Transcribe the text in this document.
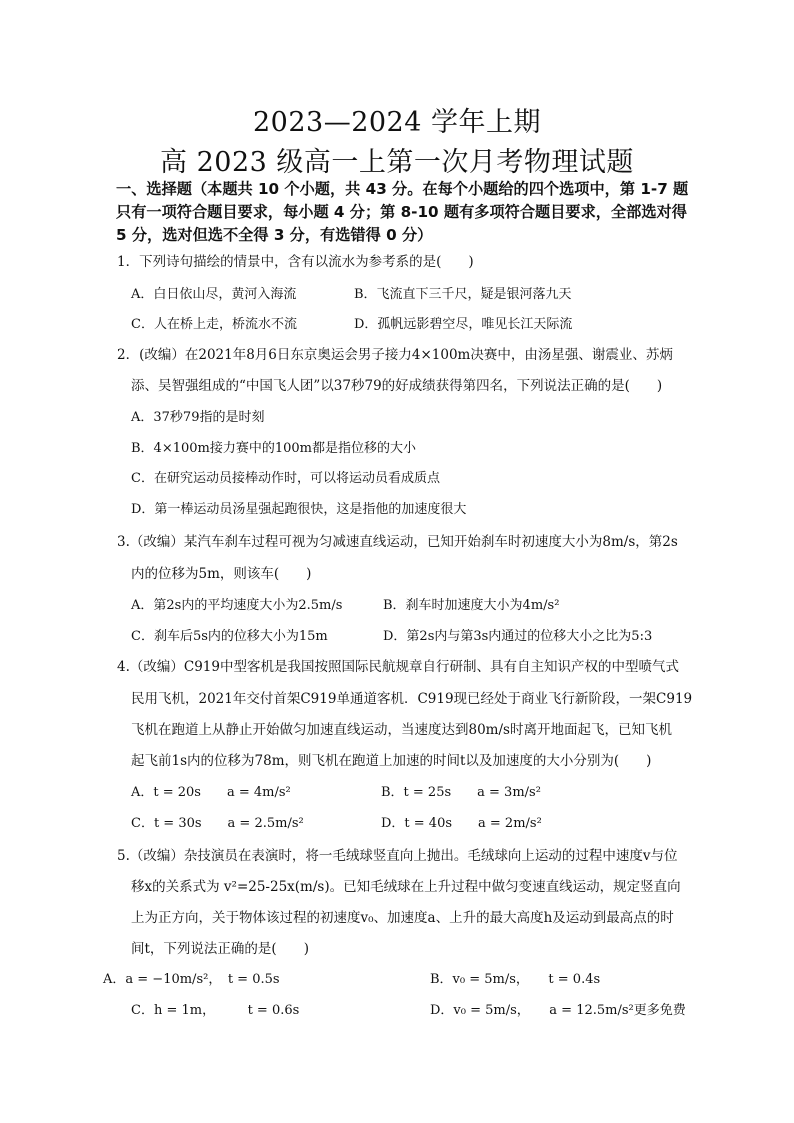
2023—2024 学年上期
高 2023 级高一上第一次月考物理试题
一、选择题（本题共 10 个小题，共 43 分。在每个小题给的四个选项中，第 1-7 题只有一项符合题目要求，每小题 4 分；第 8-10 题有多项符合题目要求，全部选对得 5 分，选对但选不全得 3 分，有选错得 0 分）
1．下列诗句描绘的情景中，含有以流水为参考系的是(　　)
A．白日依山尽，黄河入海流	B．飞流直下三千尺，疑是银河落九天
C．人在桥上走，桥流水不流	D．孤帆远影碧空尽，唯见长江天际流
2．(改编）在2021年8月6日东京奥运会男子接力4×100m决赛中，由汤星强、谢震业、苏炳
添、吴智强组成的“中国飞人团”以37秒79的好成绩获得第四名，下列说法正确的是(　　)
A．37秒79指的是时刻
B．4×100m接力赛中的100m都是指位移的大小
C．在研究运动员接棒动作时，可以将运动员看成质点
D．第一棒运动员汤星强起跑很快，这是指他的加速度很大
3.（改编）某汽车刹车过程可视为匀减速直线运动，已知开始刹车时初速度大小为8m/s，第2s
内的位移为5m，则该车(　　)
A．第2s内的平均速度大小为2.5m/s	B．刹车时加速度大小为4m/s²
C．刹车后5s内的位移大小为15m	D．第2s内与第3s内通过的位移大小之比为5:3
4.（改编）C919中型客机是我国按照国际民航规章自行研制、具有自主知识产权的中型喷气式
民用飞机，2021年交付首架C919单通道客机．C919现已经处于商业飞行新阶段，一架C919
飞机在跑道上从静止开始做匀加速直线运动，当速度达到80m/s时离开地面起飞，已知飞机
起飞前1s内的位移为78m，则飞机在跑道上加速的时间t以及加速度的大小分别为(　　)
A．t = 20s　　a = 4m/s²	B．t = 25s　　a = 3m/s²
C．t = 30s　　a = 2.5m/s²	D．t = 40s　　a = 2m/s²
5.（改编）杂技演员在表演时，将一毛绒球竖直向上抛出。毛绒球向上运动的过程中速度v与位
移x的关系式为 v²=25-25x(m/s)。已知毛绒球在上升过程中做匀变速直线运动，规定竖直向
上为正方向，关于物体该过程的初速度v₀、加速度a、上升的最大高度h及运动到最高点的时
间t，下列说法正确的是(　　)
A．a = −10m/s²，　t = 0.5s	B．v₀ = 5m/s，　　t = 0.4s
C．h = 1m，　　　t = 0.6s	D．v₀ = 5m/s，　　a = 12.5m/s²更多免费
